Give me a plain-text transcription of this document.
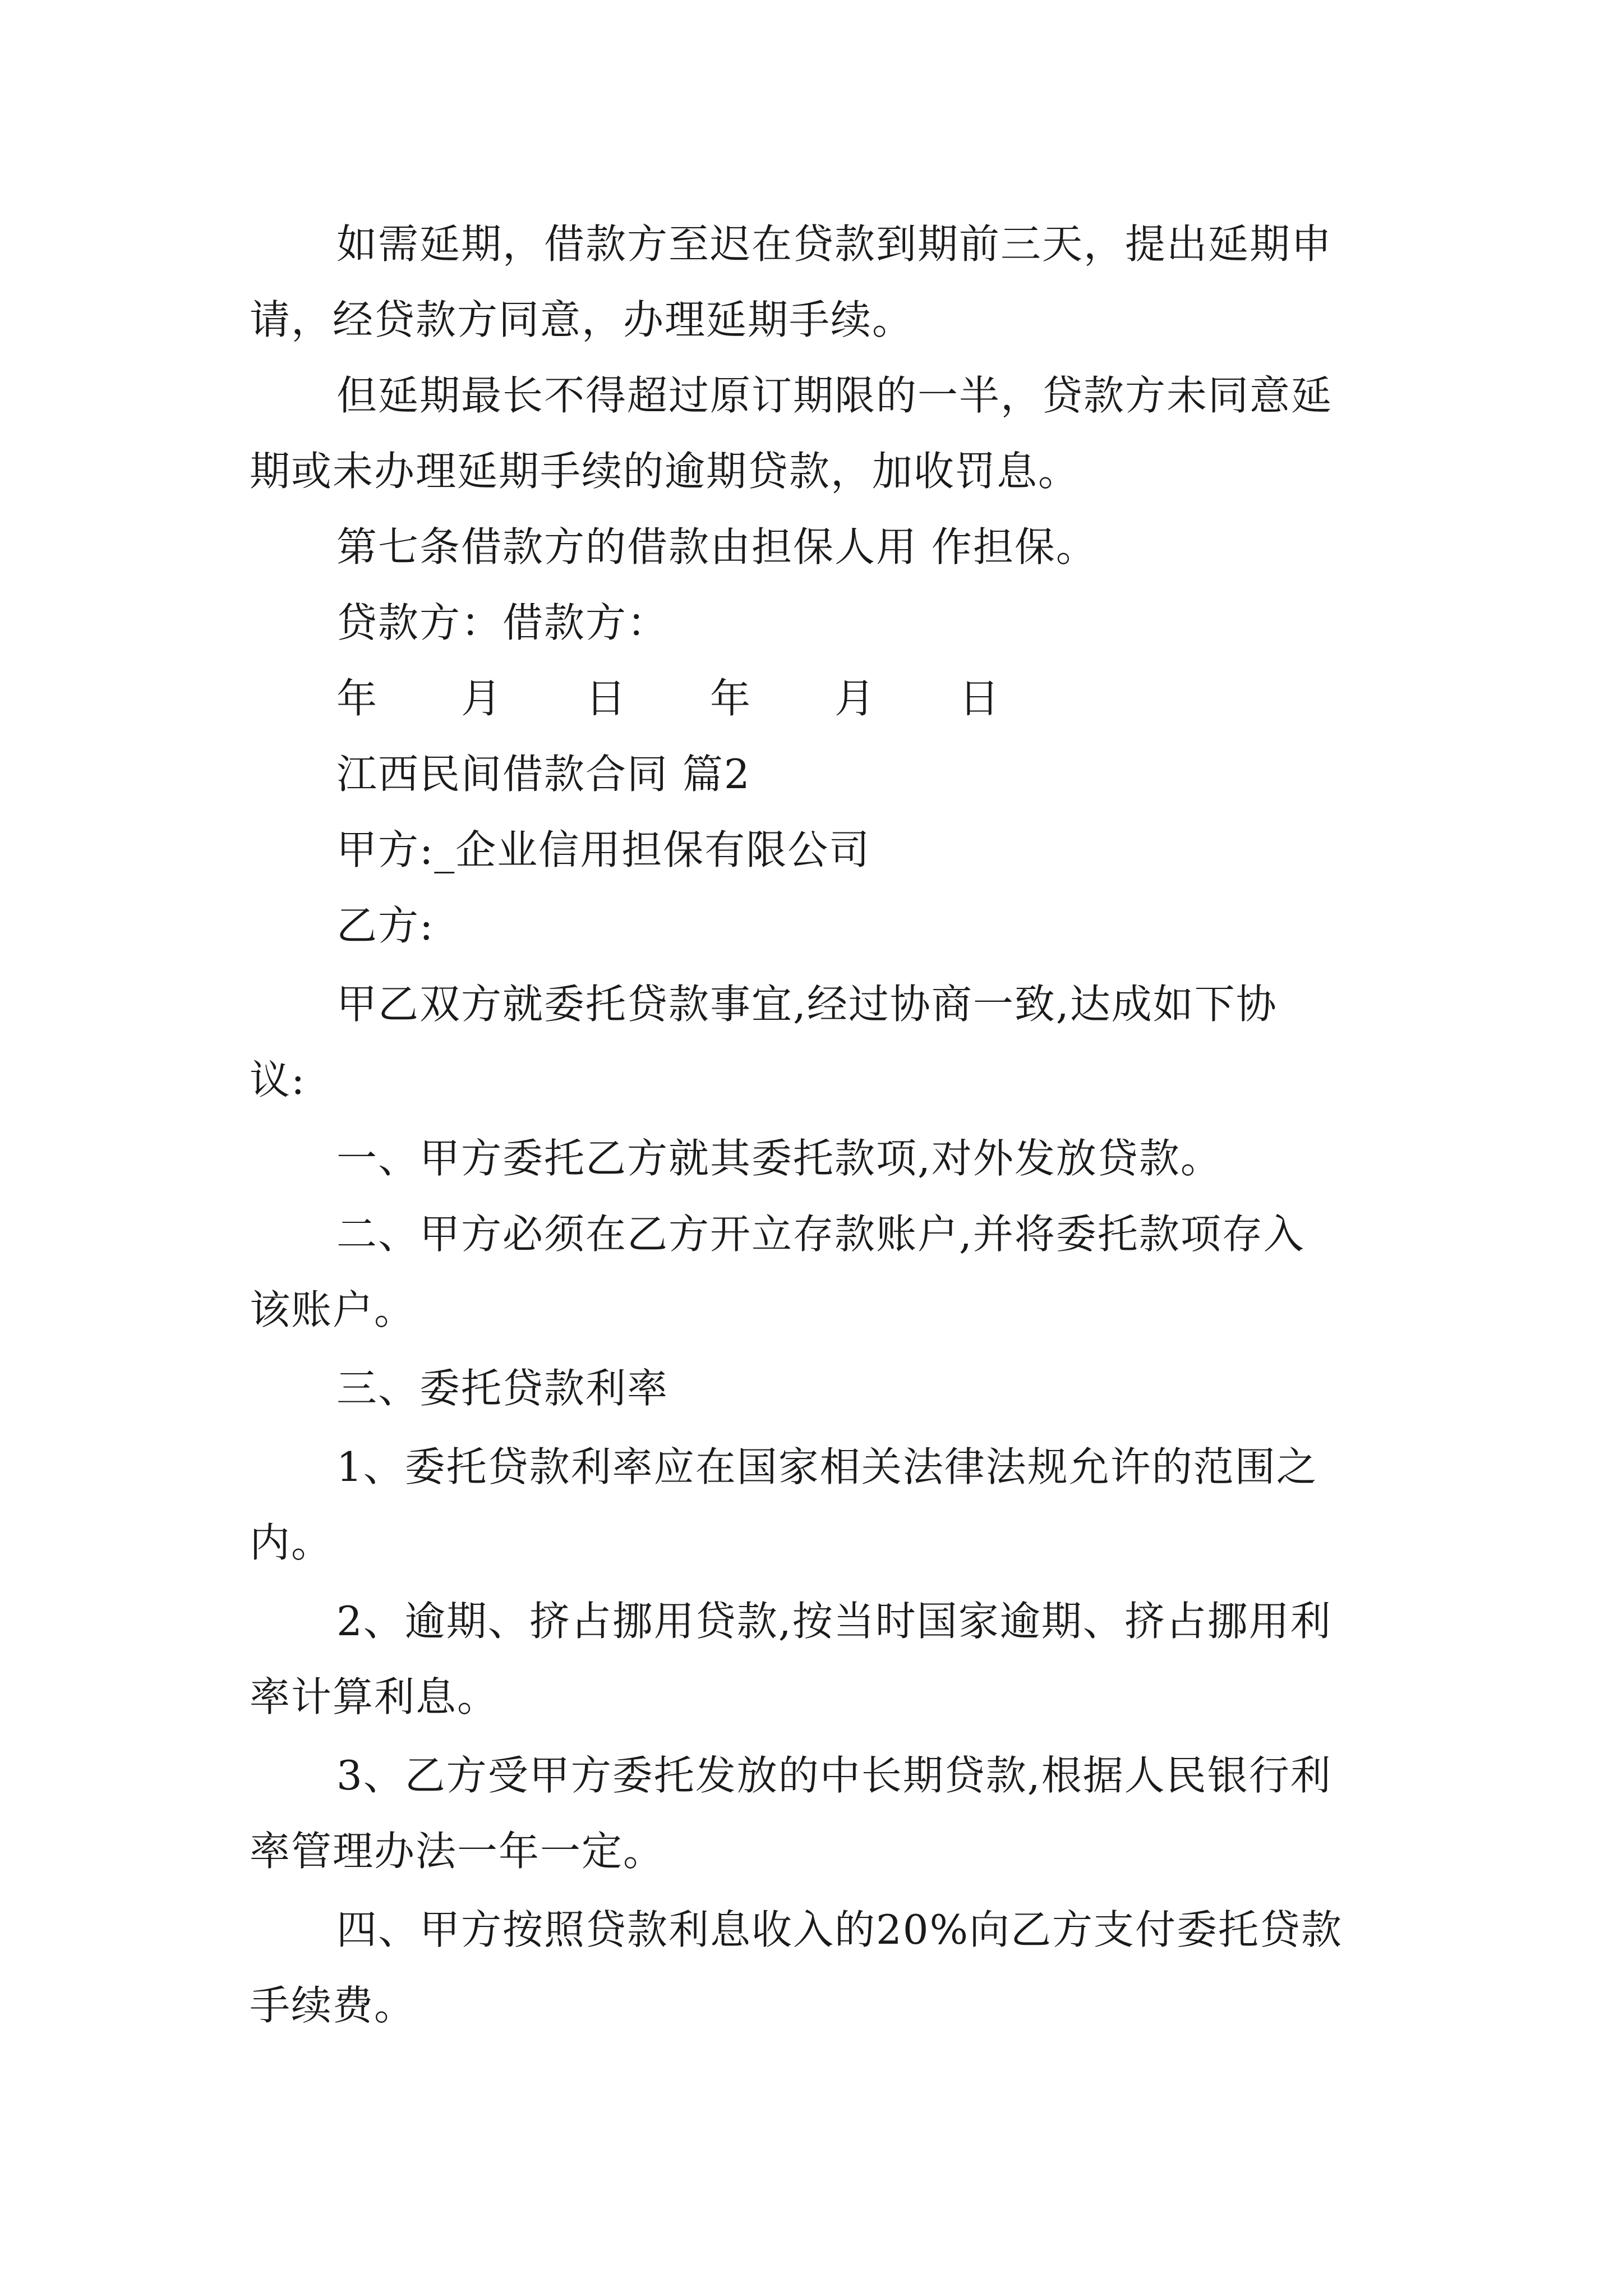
如需延期，借款方至迟在贷款到期前三天，提出延期申
请，经贷款方同意，办理延期手续。
但延期最长不得超过原订期限的一半，贷款方未同意延
期或未办理延期手续的逾期贷款，加收罚息。
第七条借款方的借款由担保人用 作担保。
贷款方：借款方：
年　　月　　日　　年　　月　　日
江西民间借款合同 篇2
甲方:_企业信用担保有限公司
乙方:
甲乙双方就委托贷款事宜,经过协商一致,达成如下协
议:
一、甲方委托乙方就其委托款项,对外发放贷款。
二、甲方必须在乙方开立存款账户,并将委托款项存入
该账户。
三、委托贷款利率
1、委托贷款利率应在国家相关法律法规允许的范围之
内。
2、逾期、挤占挪用贷款,按当时国家逾期、挤占挪用利
率计算利息。
3、乙方受甲方委托发放的中长期贷款,根据人民银行利
率管理办法一年一定。
四、甲方按照贷款利息收入的20%向乙方支付委托贷款
手续费。
